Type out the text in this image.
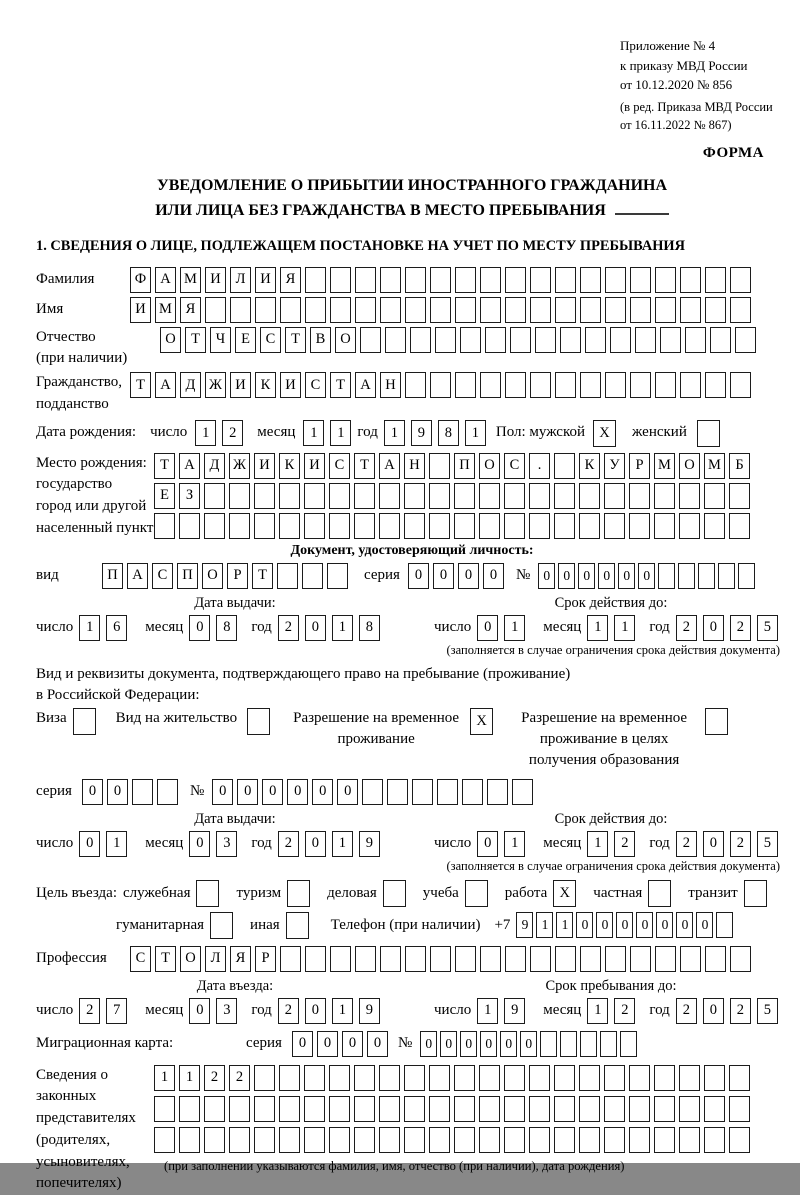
Приложение № 4
к приказу МВД России
от 10.12.2020 № 856
(в ред. Приказа МВД России
от 16.11.2022 № 867)
ФОРМА
УВЕДОМЛЕНИЕ О ПРИБЫТИИ ИНОСТРАННОГО ГРАЖДАНИНА
ИЛИ ЛИЦА БЕЗ ГРАЖДАНСТВА В МЕСТО ПРЕБЫВАНИЯ
1. СВЕДЕНИЯ О ЛИЦЕ, ПОДЛЕЖАЩЕМ ПОСТАНОВКЕ НА УЧЕТ ПО МЕСТУ ПРЕБЫВАНИЯ
Фамилия	Ф А М И	Л	И	Я
Имя	И М Я
Отчество
(при наличии)
О	Т	Ч	Е	С	Т	В	О
Гражданство,
подданство
Т	А	Д Ж И	К	И	С	Т	А	Н
Дата рождения: число	1	2	месяц	1	1 год 1	9	8	1	Пол: мужской X	женский
Место рождения:
государство
город или другой
населенный пункт
Т	А	Д Ж И	К	И	С	Т	А	Н	П	О	С	.	К	У	Р	М О М Б
Е	З
Документ, удостоверяющий личность:
вид	П	А	С	П	О	Р	Т	серия	0	0	0	0	№ 0 0 0 0 0 0
Дата выдачи:
число 1	6	месяц 0	8	год 2	0	1	8
Срок действия до:
число 0	1	месяц 1	1	год 2	0	2	5
(заполняется в случае ограничения срока действия документа)
Вид и реквизиты документа, подтверждающего право на пребывание (проживание)
в Российской Федерации:
Виза	Вид на жительство	Разрешение на временное проживание
X	Разрешение на временное проживание в целях получения образования
серия	0	0	№	0	0	0	0	0	0
Дата выдачи:
число 0	1	месяц 0	3	год 2	0	1	9
Срок действия до:
число 0	1	месяц 1	2	год 2	0	2	5
(заполняется в случае ограничения срока действия документа)
Цель въезда: служебная	туризм	деловая	учеба	работа X	частная	транзит
гуманитарная	иная	Телефон (при наличии) +7 9 1 1 0 0 0 0 0 0 0
Профессия	С	Т	О	Л	Я	Р
Дата въезда:
число 2	7	месяц 0	3	год 2	0	1	9
Срок пребывания до:
число 1	9	месяц 1	2	год 2	0	2	5
Миграционная карта:	серия	0	0	0	0	№ 0 0 0 0 0 0
Сведения о
законных
представителях
(родителях,
усыновителях,
попечителях)
1	1	2	2
(при заполнении указываются фамилия, имя, отчество (при наличии), дата рождения)
